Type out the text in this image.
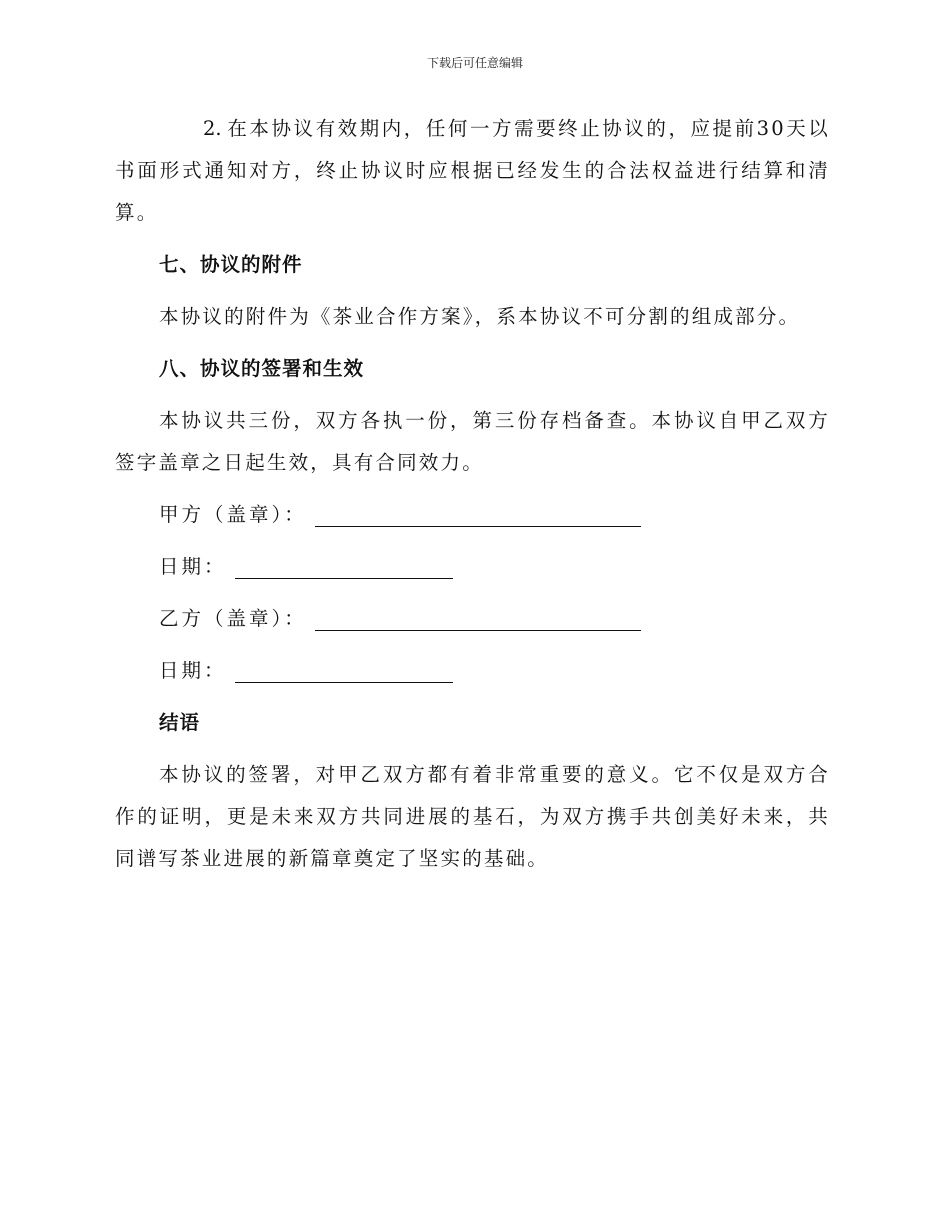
下载后可任意编辑

2. 在本协议有效期内，任何一方需要终止协议的，应提前30天以书面形式通知对方，终止协议时应根据已经发生的合法权益进行结算和清算。

七、协议的附件

本协议的附件为《茶业合作方案》，系本协议不可分割的组成部分。

八、协议的签署和生效

本协议共三份，双方各执一份，第三份存档备查。本协议自甲乙双方签字盖章之日起生效，具有合同效力。

甲方（盖章）：
日期：
乙方（盖章）：
日期：

结语

本协议的签署，对甲乙双方都有着非常重要的意义。它不仅是双方合作的证明，更是未来双方共同进展的基石，为双方携手共创美好未来，共同谱写茶业进展的新篇章奠定了坚实的基础。
